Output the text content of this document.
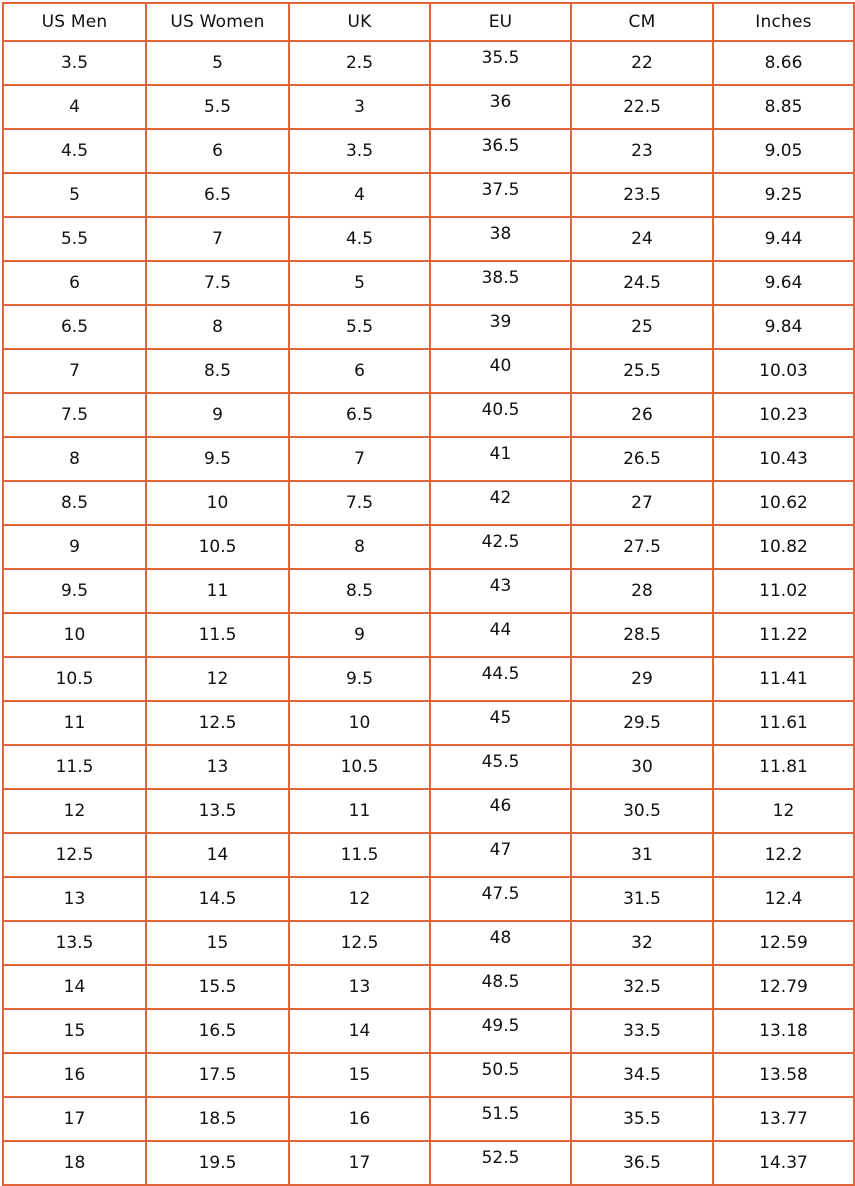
US Men	US Women	UK	EU	CM	Inches
3.5	5	2.5	35.5	22	8.66
4	5.5	3	36	22.5	8.85
4.5	6	3.5	36.5	23	9.05
5	6.5	4	37.5	23.5	9.25
5.5	7	4.5	38	24	9.44
6	7.5	5	38.5	24.5	9.64
6.5	8	5.5	39	25	9.84
7	8.5	6	40	25.5	10.03
7.5	9	6.5	40.5	26	10.23
8	9.5	7	41	26.5	10.43
8.5	10	7.5	42	27	10.62
9	10.5	8	42.5	27.5	10.82
9.5	11	8.5	43	28	11.02
10	11.5	9	44	28.5	11.22
10.5	12	9.5	44.5	29	11.41
11	12.5	10	45	29.5	11.61
11.5	13	10.5	45.5	30	11.81
12	13.5	11	46	30.5	12
12.5	14	11.5	47	31	12.2
13	14.5	12	47.5	31.5	12.4
13.5	15	12.5	48	32	12.59
14	15.5	13	48.5	32.5	12.79
15	16.5	14	49.5	33.5	13.18
16	17.5	15	50.5	34.5	13.58
17	18.5	16	51.5	35.5	13.77
18	19.5	17	52.5	36.5	14.37
